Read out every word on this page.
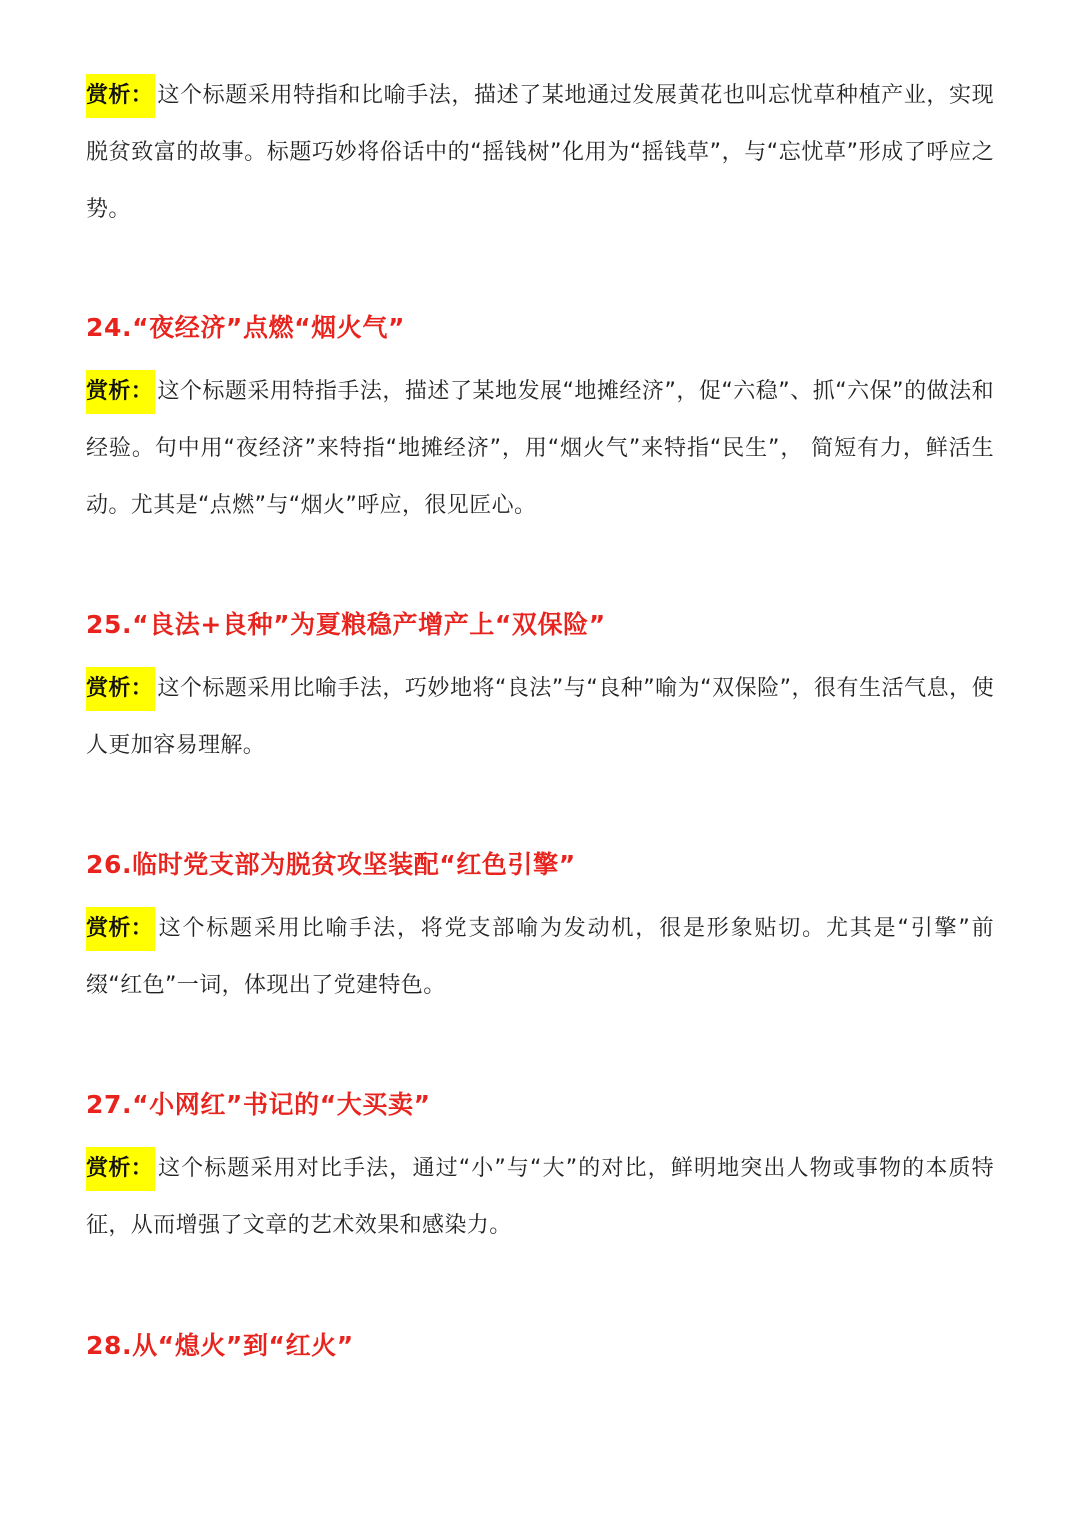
赏析： 这个标题采用特指和比喻手法，描述了某地通过发展黄花也叫忘忧草种植产业，实现脱贫致富的故事。标题巧妙将俗话中的“摇钱树”化用为“摇钱草”，与“忘忧草”形成了呼应之势。

24.“夜经济”点燃“烟火气”

赏析： 这个标题采用特指手法，描述了某地发展“地摊经济”，促“六稳”、抓“六保”的做法和经验。句中用“夜经济”来特指“地摊经济”，用“烟火气”来特指“民生”， 简短有力，鲜活生动。尤其是“点燃”与“烟火”呼应，很见匠心。

25.“良法+良种”为夏粮稳产增产上“双保险”

赏析： 这个标题采用比喻手法，巧妙地将“良法”与“良种”喻为“双保险”，很有生活气息，使人更加容易理解。

26.临时党支部为脱贫攻坚装配“红色引擎”

赏析： 这个标题采用比喻手法，将党支部喻为发动机，很是形象贴切。尤其是“引擎”前缀“红色”一词，体现出了党建特色。

27.“小网红”书记的“大买卖”

赏析： 这个标题采用对比手法，通过“小”与“大”的对比，鲜明地突出人物或事物的本质特征，从而增强了文章的艺术效果和感染力。

28.从“熄火”到“红火”
